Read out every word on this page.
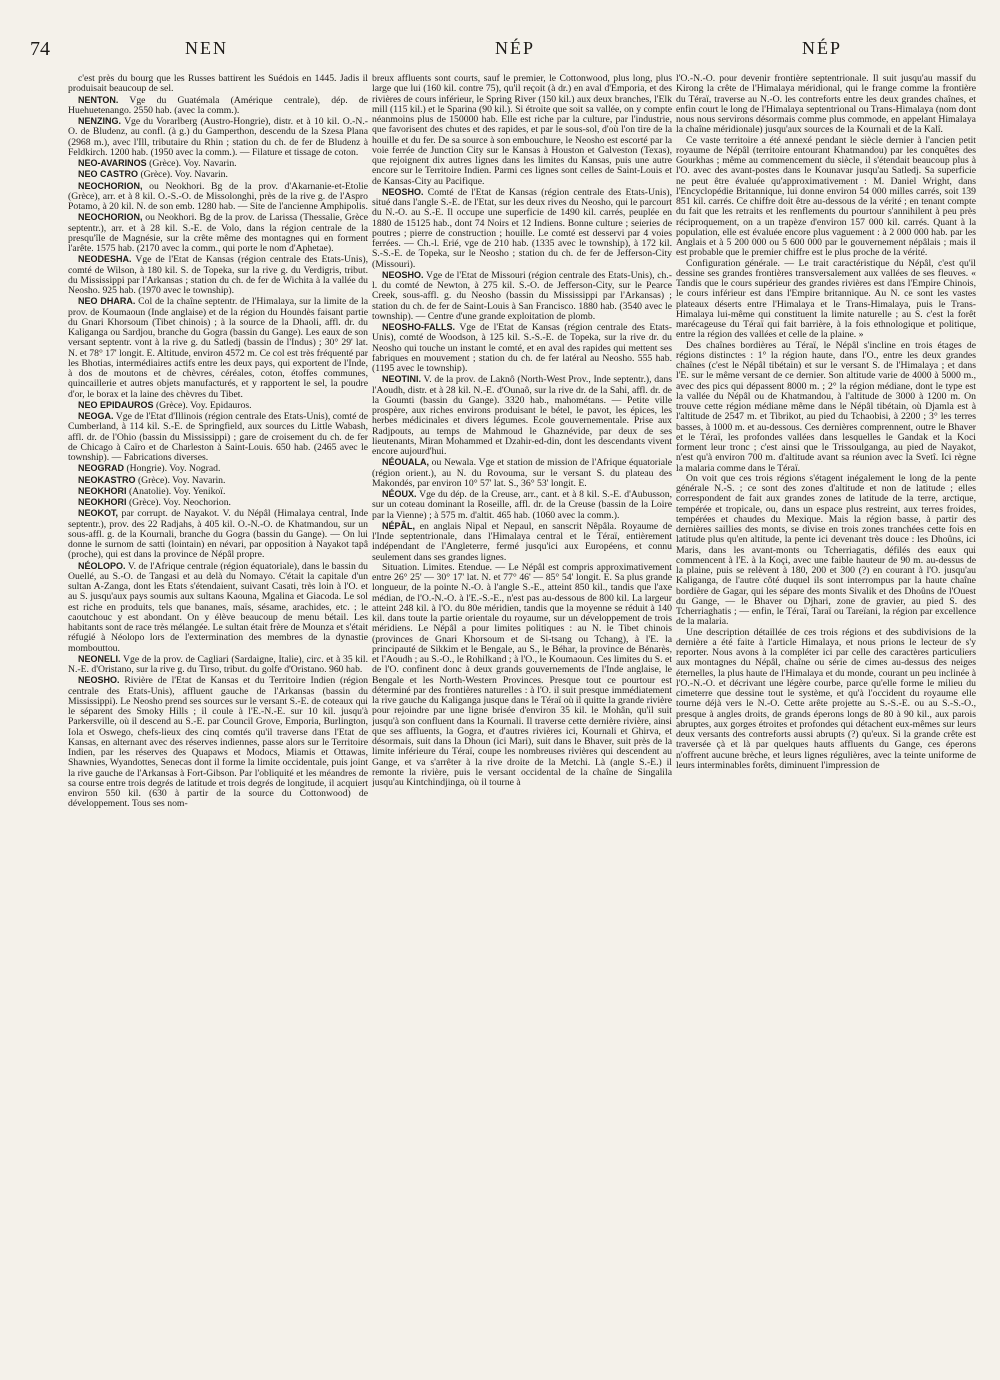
74	NEN	NÉP	NÉP

c'est près du bourg que les Russes battirent les Suédois en 1445. Jadis il produisait beaucoup de sel.

NENTON. Vge du Guatémala (Amérique centrale), dép. de Huehuetenango. 2550 hab. (avec la comm.).

NENZING. Vge du Vorarlberg (Austro-Hongrie), distr. et à 10 kil. O.-N.-O. de Bludenz, au confl. (à g.) du Gamperthon, descendu de la Szesa Plana (2968 m.), avec l'Ill, tributaire du Rhin ; station du ch. de fer de Bludenz à Feldkirch. 1200 hab. (1950 avec la comm.). — Filature et tissage de coton.

NEO-AVARINOS (Grèce). Voy. Navarin.

NEO CASTRO (Grèce). Voy. Navarin.

NEOCHORION, ou Neokhori. Bg de la prov. d'Akarnanie-et-Etolie (Grèce), arr. et à 8 kil. O.-S.-O. de Missolonghi, près de la rive g. de l'Aspro Potamo, à 20 kil. N. de son emb. 1280 hab. — Site de l'ancienne Amphipolis.

NEOCHORION, ou Neokhori. Bg de la prov. de Larissa (Thessalie, Grèce septentr.), arr. et à 28 kil. S.-E. de Volo, dans la région centrale de la presqu'île de Magnésie, sur la crête même des montagnes qui en forment l'arête. 1575 hab. (2170 avec la comm., qui porte le nom d'Aphetae).

NEODESHA. Vge de l'Etat de Kansas (région centrale des Etats-Unis), comté de Wilson, à 180 kil. S. de Topeka, sur la rive g. du Verdigris, tribut. du Mississippi par l'Arkansas ; station du ch. de fer de Wichita à la vallée du Neosho. 925 hab. (1970 avec le township).

NEO DHARA. Col de la chaîne septentr. de l'Himalaya, sur la limite de la prov. de Koumaoun (Inde anglaise) et de la région du Houndès faisant partie du Gnari Khorsoum (Tibet chinois) ; à la source de la Dhaoli, affl. dr. du Kaliganga ou Sardjou, branche du Gogra (bassin du Gange). Les eaux de son versant septentr. vont à la rive g. du Satledj (bassin de l'Indus) ; 30° 29' lat. N. et 78° 17' longit. E. Altitude, environ 4572 m. Ce col est très fréquenté par les Bhotias, intermédiaires actifs entre les deux pays, qui exportent de l'Inde, à dos de moutons et de chèvres, céréales, coton, étoffes communes, quincaillerie et autres objets manufacturés, et y rapportent le sel, la poudre d'or, le borax et la laine des chèvres du Tibet.

NEO EPIDAUROS (Grèce). Voy. Epidauros.

NEOGA. Vge de l'Etat d'Illinois (région centrale des Etats-Unis), comté de Cumberland, à 114 kil. S.-E. de Springfield, aux sources du Little Wabash, affl. dr. de l'Ohio (bassin du Mississippi) ; gare de croisement du ch. de fer de Chicago à Caïro et de Charleston à Saint-Louis. 650 hab. (2465 avec le township). — Fabrications diverses.

NEOGRAD (Hongrie). Voy. Nograd.

NEOKASTRO (Grèce). Voy. Navarin.

NEOKHORI (Anatolie). Voy. Yenikoï.

NEOKHORI (Grèce). Voy. Neochorion.

NEOKOT, par corrupt. de Nayakot. V. du Népâl (Himalaya central, Inde septentr.), prov. des 22 Radjahs, à 405 kil. O.-N.-O. de Khatmandou, sur un sous-affl. g. de la Kournali, branche du Gogra (bassin du Gange). — On lui donne le surnom de satti (lointain) en névari, par opposition à Nayakot tapâ (proche), qui est dans la province de Népâl propre.

NÉOLOPO. V. de l'Afrique centrale (région équatoriale), dans le bassin du Ouellé, au S.-O. de Tangasi et au delà du Nomayo. C'était la capitale d'un sultan A-Zanga, dont les Etats s'étendaient, suivant Casati, très loin à l'O. et au S. jusqu'aux pays soumis aux sultans Kaouna, Mgalina et Giacoda. Le sol est riche en produits, tels que bananes, maïs, sésame, arachides, etc. ; le caoutchouc y est abondant. On y élève beaucoup de menu bétail. Les habitants sont de race très mélangée. Le sultan était frère de Mounza et s'était réfugié à Néolopo lors de l'extermination des membres de la dynastie mombouttou.

NEONELI. Vge de la prov. de Cagliari (Sardaigne, Italie), circ. et à 35 kil. N.-E. d'Oristano, sur la rive g. du Tirso, tribut. du golfe d'Oristano. 960 hab.

NEOSHO. Rivière de l'Etat de Kansas et du Territoire Indien (région centrale des Etats-Unis), affluent gauche de l'Arkansas (bassin du Mississippi). Le Neosho prend ses sources sur le versant S.-E. de coteaux qui le séparent des Smoky Hills ; il coule à l'E.-N.-E. sur 10 kil. jusqu'à Parkersville, où il descend au S.-E. par Council Grove, Emporia, Burlington, Iola et Oswego, chefs-lieux des cinq comtés qu'il traverse dans l'Etat de Kansas, en alternant avec des réserves indiennes, passe alors sur le Territoire Indien, par les réserves des Quapaws et Modocs, Miamis et Ottawas, Shawnies, Wyandottes, Senecas dont il forme la limite occidentale, puis joint la rive gauche de l'Arkansas à Fort-Gibson. Par l'obliquité et les méandres de sa course entre trois degrés de latitude et trois degrés de longitude, il acquiert environ 550 kil. (630 à partir de la source du Cottonwood) de développement. Tous ses nom-

breux affluents sont courts, sauf le premier, le Cottonwood, plus long, plus large que lui (160 kil. contre 75), qu'il reçoit (à dr.) en aval d'Emporia, et des rivières de cours inférieur, le Spring River (150 kil.) aux deux branches, l'Elk mill (115 kil.) et le Sparina (90 kil.). Si étroite que soit sa vallée, on y compte néanmoins plus de 150000 hab. Elle est riche par la culture, par l'industrie, que favorisent des chutes et des rapides, et par le sous-sol, d'où l'on tire de la houille et du fer. De sa source à son embouchure, le Neosho est escorté par la voie ferrée de Junction City sur le Kansas à Houston et Galveston (Texas), que rejoignent dix autres lignes dans les limites du Kansas, puis une autre encore sur le Territoire Indien. Parmi ces lignes sont celles de Saint-Louis et de Kansas-City au Pacifique.

NEOSHO. Comté de l'Etat de Kansas (région centrale des Etats-Unis), situé dans l'angle S.-E. de l'Etat, sur les deux rives du Neosho, qui le parcourt du N.-O. au S.-E. Il occupe une superficie de 1490 kil. carrés, peuplée en 1880 de 15125 hab., dont 74 Noirs et 12 Indiens. Bonne culture ; seieries de poutres ; pierre de construction ; houille. Le comté est desservi par 4 voies ferrées. — Ch.-l. Erié, vge de 210 hab. (1335 avec le township), à 172 kil. S.-S.-E. de Topeka, sur le Neosho ; station du ch. de fer de Jefferson-City (Missouri).

NEOSHO. Vge de l'Etat de Missouri (région centrale des Etats-Unis), ch.-l. du comté de Newton, à 275 kil. S.-O. de Jefferson-City, sur le Pearce Creek, sous-affl. g. du Neosho (bassin du Mississippi par l'Arkansas) ; station du ch. de fer de Saint-Louis à San Francisco. 1880 hab. (3540 avec le township). — Centre d'une grande exploitation de plomb.

NEOSHO-FALLS. Vge de l'Etat de Kansas (région centrale des Etats-Unis), comté de Woodson, à 125 kil. S.-S.-E. de Topeka, sur la rive dr. du Neosho qui touche un instant le comté, et en aval des rapides qui mettent ses fabriques en mouvement ; station du ch. de fer latéral au Neosho. 555 hab. (1195 avec le township).

NEOTINI. V. de la prov. de Laknô (North-West Prov., Inde septentr.), dans l'Aoudh, distr. et à 28 kil. N.-E. d'Ounaô, sur la rive dr. de la Sahi, affl. dr. de la Goumti (bassin du Gange). 3320 hab., mahométans. — Petite ville prospère, aux riches environs produisant le bétel, le pavot, les épices, les herbes médicinales et divers légumes. Ecole gouvernementale. Prise aux Radjpouts, au temps de Mahmoud le Ghaznévide, par deux de ses lieutenants, Miran Mohammed et Dzahir-ed-din, dont les descendants vivent encore aujourd'hui.

NÉOUALA, ou Newala. Vge et station de mission de l'Afrique équatoriale (région orient.), au N. du Rovouma, sur le versant S. du plateau des Makondés, par environ 10° 57' lat. S., 36° 53' longit. E.

NÉOUX. Vge du dép. de la Creuse, arr., cant. et à 8 kil. S.-E. d'Aubusson, sur un coteau dominant la Roseille, affl. dr. de la Creuse (bassin de la Loire par la Vienne) ; à 575 m. d'altit. 465 hab. (1060 avec la comm.).

NÉPÂL, en anglais Nipal et Nepaul, en sanscrit Nêpâla. Royaume de l'Inde septentrionale, dans l'Himalaya central et le Téraï, entièrement indépendant de l'Angleterre, fermé jusqu'ici aux Européens, et connu seulement dans ses grandes lignes.

Situation. Limites. Etendue. — Le Népâl est compris approximativement entre 26° 25' — 30° 17' lat. N. et 77° 46' — 85° 54' longit. E. Sa plus grande longueur, de la pointe N.-O. à l'angle S.-E., atteint 850 kil., tandis que l'axe médian, de l'O.-N.-O. à l'E.-S.-E., n'est pas au-dessous de 800 kil. La largeur atteint 248 kil. à l'O. du 80e méridien, tandis que la moyenne se réduit à 140 kil. dans toute la partie orientale du royaume, sur un développement de trois méridiens. Le Népâl a pour limites politiques : au N. le Tibet chinois (provinces de Gnari Khorsoum et de Si-tsang ou Tchang), à l'E. la principauté de Sikkim et le Bengale, au S., le Béhar, la province de Bénarès, et l'Aoudh ; au S.-O., le Rohilkand ; à l'O., le Koumaoun. Ces limites du S. et de l'O. confinent donc à deux grands gouvernements de l'Inde anglaise, le Bengale et les North-Western Provinces. Presque tout ce pourtour est déterminé par des frontières naturelles : à l'O. il suit presque immédiatement la rive gauche du Kaliganga jusque dans le Téraï où il quitte la grande rivière pour rejoindre par une ligne brisée d'environ 35 kil. le Mohân, qu'il suit jusqu'à son confluent dans la Kournali. Il traverse cette dernière rivière, ainsi que ses affluents, la Gogra, et d'autres rivières ici, Kournali et Ghirva, et désormais, suit dans la Dhoun (ici Mari), suit dans le Bhaver, suit près de la limite inférieure du Téraï, coupe les nombreuses rivières qui descendent au Gange, et va s'arrêter à la rive droite de la Metchi. Là (angle S.-E.) il remonte la rivière, puis le versant occidental de la chaîne de Singalila jusqu'au Kintchindjinga, où il tourne à

l'O.-N.-O. pour devenir frontière septentrionale. Il suit jusqu'au massif du Kirong la crête de l'Himalaya méridional, qui le frange comme la frontière du Téraï, traverse au N.-O. les contreforts entre les deux grandes chaînes, et enfin court le long de l'Himalaya septentrional ou Trans-Himalaya (nom dont nous nous servirons désormais comme plus commode, en appelant Himalaya la chaîne méridionale) jusqu'aux sources de la Kournali et de la Kalî.

Ce vaste territoire a été annexé pendant le siècle dernier à l'ancien petit royaume de Népâl (territoire entourant Khatmandou) par les conquêtes des Gourkhas ; même au commencement du siècle, il s'étendait beaucoup plus à l'O. avec des avant-postes dans le Kounavar jusqu'au Satledj. Sa superficie ne peut être évaluée qu'approximativement : M. Daniel Wright, dans l'Encyclopédie Britannique, lui donne environ 54 000 milles carrés, soit 139 851 kil. carrés. Ce chiffre doit être au-dessous de la vérité ; en tenant compte du fait que les retraits et les renflements du pourtour s'annihilent à peu près réciproquement, on a un trapèze d'environ 157 000 kil. carrés. Quant à la population, elle est évaluée encore plus vaguement : à 2 000 000 hab. par les Anglais et à 5 200 000 ou 5 600 000 par le gouvernement népâlais ; mais il est probable que le premier chiffre est le plus proche de la vérité.

Configuration générale. — Le trait caractéristique du Népâl, c'est qu'il dessine ses grandes frontières transversalement aux vallées de ses fleuves. « Tandis que le cours supérieur des grandes rivières est dans l'Empire Chinois, le cours inférieur est dans l'Empire britannique. Au N. ce sont les vastes plateaux déserts entre l'Himalaya et le Trans-Himalaya, puis le Trans-Himalaya lui-même qui constituent la limite naturelle ; au S. c'est la forêt marécageuse du Téraï qui fait barrière, à la fois ethnologique et politique, entre la région des vallées et celle de la plaine. »

Des chaînes bordières au Téraï, le Népâl s'incline en trois étages de régions distinctes : 1° la région haute, dans l'O., entre les deux grandes chaînes (c'est le Népâl tibétain) et sur le versant S. de l'Himalaya ; et dans l'E. sur le même versant de ce dernier. Son altitude varie de 4000 à 5000 m., avec des pics qui dépassent 8000 m. ; 2° la région médiane, dont le type est la vallée du Népâl ou de Khatmandou, à l'altitude de 3000 à 1200 m. On trouve cette région médiane même dans le Népâl tibétain, où Djamla est à l'altitude de 2547 m. et Tibrikot, au pied du Tchaobisi, à 2200 ; 3° les terres basses, à 1000 m. et au-dessous. Ces dernières comprennent, outre le Bhaver et le Téraï, les profondes vallées dans lesquelles le Gandak et la Koci forment leur tronc ; c'est ainsi que le Trissoulganga, au pied de Nayakot, n'est qu'à environ 700 m. d'altitude avant sa réunion avec la Svetî. Ici règne la malaria comme dans le Téraï.

On voit que ces trois régions s'étagent inégalement le long de la pente générale N.-S. ; ce sont des zones d'altitude et non de latitude ; elles correspondent de fait aux grandes zones de latitude de la terre, arctique, tempérée et tropicale, ou, dans un espace plus restreint, aux terres froides, tempérées et chaudes du Mexique. Mais la région basse, à partir des dernières saillies des monts, se divise en trois zones tranchées cette fois en latitude plus qu'en altitude, la pente ici devenant très douce : les Dhoûns, ici Maris, dans les avant-monts ou Tcherriagatis, défilés des eaux qui commencent à l'E. à la Koçi, avec une faible hauteur de 90 m. au-dessus de la plaine, puis se relèvent à 180, 200 et 300 (?) en courant à l'O. jusqu'au Kaliganga, de l'autre côté duquel ils sont interrompus par la haute chaîne bordière de Gagar, qui les sépare des monts Sivalik et des Dhoûns de l'Ouest du Gange, — le Bhaver ou Djhari, zone de gravier, au pied S. des Tcherriaghatis ; — enfin, le Téraï, Taraï ou Tareïani, la région par excellence de la malaria.

Une description détaillée de ces trois régions et des subdivisions de la dernière a été faite à l'article Himalaya, et nous prions le lecteur de s'y reporter. Nous avons à la compléter ici par celle des caractères particuliers aux montagnes du Népâl, chaîne ou série de cimes au-dessus des neiges éternelles, la plus haute de l'Himalaya et du monde, courant un peu inclinée à l'O.-N.-O. et décrivant une légère courbe, parce qu'elle forme le milieu du cimeterre que dessine tout le système, et qu'à l'occident du royaume elle tourne déjà vers le N.-O. Cette arête projette au S.-S.-E. ou au S.-S.-O., presque à angles droits, de grands éperons longs de 80 à 90 kil., aux parois abruptes, aux gorges étroites et profondes qui détachent eux-mêmes sur leurs deux versants des contreforts aussi abrupts (?) qu'eux. Si la grande crête est traversée çà et là par quelques hauts affluents du Gange, ces éperons n'offrent aucune brèche, et leurs lignes régulières, avec la teinte uniforme de leurs interminables forêts, diminuent l'impression de
